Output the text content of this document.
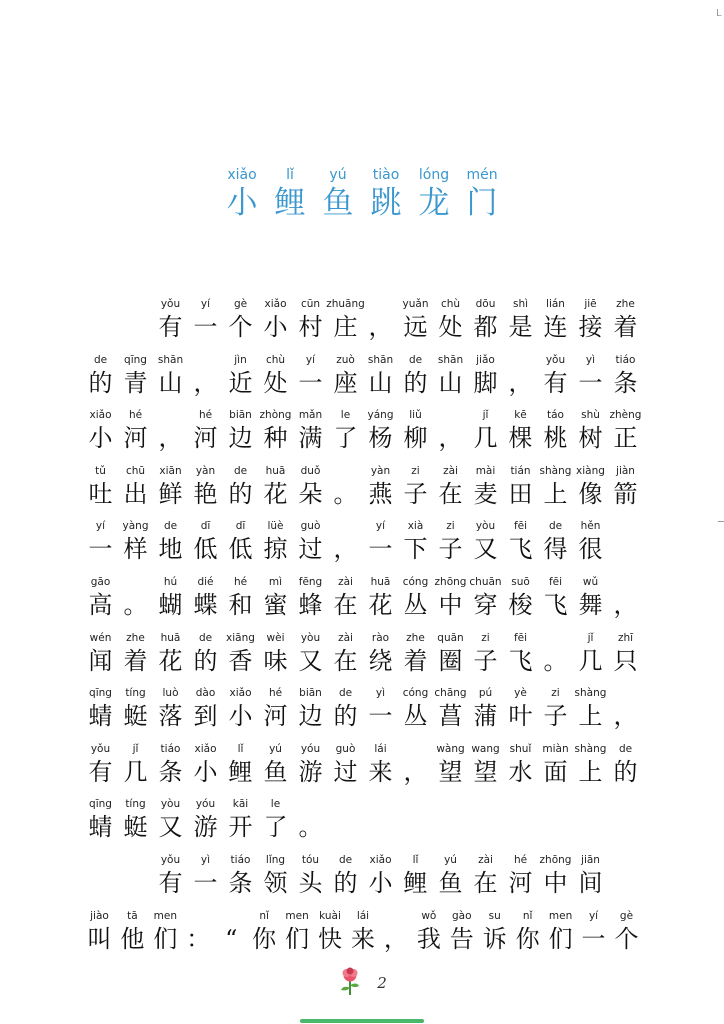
L
xiǎo
小
lǐ
鲤
yú
鱼
tiào
跳
lóng
龙
mén
门
yǒu
有
yí
一
gè
个
xiǎo
小
cūn
村
zhuāng
庄 ，
yuǎn
远
chù
处
dōu
都
shì
是
lián
连
jiē
接
zhe
着
de
的
qīng
青
shān
山 ，
jìn
近
chù
处
yí
一
zuò
座
shān
山
de
的
shān
山
jiǎo
脚 ，
yǒu
有
yì
一
tiáo
条
xiǎo
小
hé
河 ，
hé
河
biān
边
zhòng
种
mǎn
满
le
了
yáng
杨
liǔ
柳 ，
jǐ
几
kē
棵
táo
桃
shù
树
zhèng
正
tǔ
吐
chū
出
xiān
鲜
yàn
艳
de
的
huā
花
duǒ
朵 。
yàn
燕
zi
子
zài
在
mài
麦
tián
田
shàng
上
xiàng
像
jiàn
箭
yí
一
yàng
样
de
地
dī
低
dī
低
lüè
掠
guò
过 ，
yí
一
xià
下
zi
子
yòu
又
fēi
飞
de
得
hěn
很
gāo
高 。
hú
蝴
dié
蝶
hé
和
mì
蜜
fēng
蜂
zài
在
huā
花
cóng
丛
zhōng
中
chuān
穿
suō
梭
fēi
飞
wǔ
舞 ，
wén
闻
zhe
着
huā
花
de
的
xiāng
香
wèi
味
yòu
又
zài
在
rào
绕
zhe
着
quān
圈
zi
子
fēi
飞 。
jǐ
几
zhī
只
qīng
蜻
tíng
蜓
luò
落
dào
到
xiǎo
小
hé
河
biān
边
de
的
yì
一
cóng
丛
chāng
菖
pú
蒲
yè
叶
zi
子
shàng
上 ，
yǒu
有
jǐ
几
tiáo
条
xiǎo
小
lǐ
鲤
yú
鱼
yóu
游
guò
过
lái
来 ，
wàng
望
wang
望
shuǐ
水
miàn
面
shàng
上
de
的
qīng
蜻
tíng
蜓
yòu
又
yóu
游
kāi
开
le
了 。
yǒu
有
yì
一
tiáo
条
lǐng
领
tóu
头
de
的
xiǎo
小
lǐ
鲤
yú
鱼
zài
在
hé
河
zhōng
中
jiān
间
jiào
叫
tā
他
men
们 ： “
nǐ
你
men
们
kuài
快
lái
来 ，
wǒ
我
gào
告
su
诉
nǐ
你
men
们
yí
一
gè
个
2
